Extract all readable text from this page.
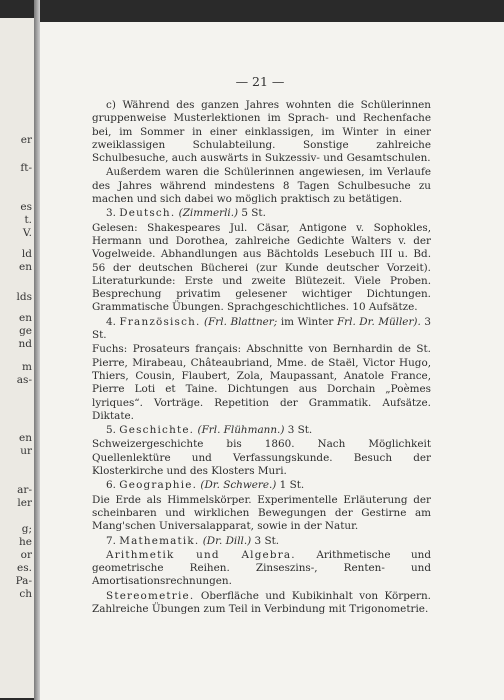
er
ft-
es
t.
V.
ld
en
lds
en
ge
nd
m
as-
en
ur
ar-
ler
g;
he
or
es.
Pa-
ch
— 21 —

c) Während des ganzen Jahres wohnten die Schülerinnen gruppenweise Musterlektionen im Sprach- und Rechenfache bei, im Sommer in einer einklassigen, im Winter in einer zweiklassigen Schulabteilung. Sonstige zahlreiche Schulbesuche, auch auswärts in Sukzessiv- und Gesamtschulen.

Außerdem waren die Schülerinnen angewiesen, im Verlaufe des Jahres während mindestens 8 Tagen Schulbesuche zu machen und sich dabei wo möglich praktisch zu betätigen.

3. Deutsch. (Zimmerli.) 5 St.

Gelesen: Shakespeares Jul. Cäsar, Antigone v. Sophokles, Hermann und Dorothea, zahlreiche Gedichte Walters v. der Vogelweide. Abhandlungen aus Bächtolds Lesebuch III u. Bd. 56 der deutschen Bücherei (zur Kunde deutscher Vorzeit). Literaturkunde: Erste und zweite Blütezeit. Viele Proben. Besprechung privatim gelesener wichtiger Dichtungen. Grammatische Übungen. Sprachgeschichtliches. 10 Aufsätze.

4. Französisch. (Frl. Blattner; im Winter Frl. Dr. Müller). 3 St.

Fuchs: Prosateurs français: Abschnitte von Bernhardin de St. Pierre, Mirabeau, Châteaubriand, Mme. de Staël, Victor Hugo, Thiers, Cousin, Flaubert, Zola, Maupassant, Anatole France, Pierre Loti et Taine. Dichtungen aus Dorchain „Poèmes lyriques“. Vorträge. Repetition der Grammatik. Aufsätze. Diktate.

5. Geschichte. (Frl. Flühmann.) 3 St.

Schweizergeschichte bis 1860. Nach Möglichkeit Quellenlektüre und Verfassungskunde. Besuch der Klosterkirche und des Klosters Muri.

6. Geographie. (Dr. Schwere.) 1 St.

Die Erde als Himmelskörper. Experimentelle Erläuterung der scheinbaren und wirklichen Bewegungen der Gestirne am Mang'schen Universalapparat, sowie in der Natur.

7. Mathematik. (Dr. Dill.) 3 St.

Arithmetik und Algebra. Arithmetische und geometrische Reihen. Zinseszins-, Renten- und Amortisationsrechnungen.

Stereometrie. Oberfläche und Kubikinhalt von Körpern. Zahlreiche Übungen zum Teil in Verbindung mit Trigonometrie.
